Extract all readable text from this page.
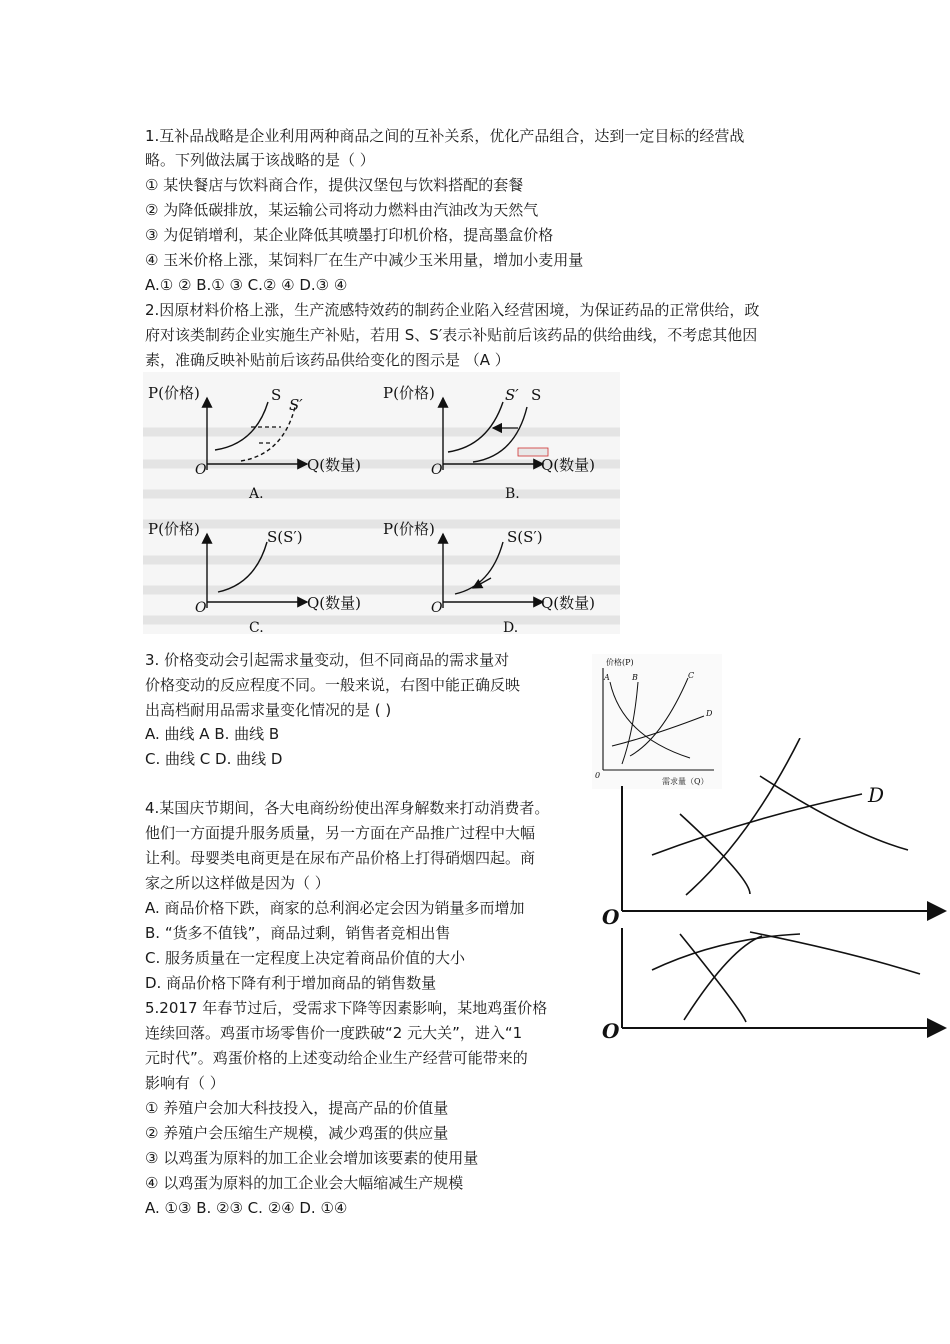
1.互补品战略是企业利用两种商品之间的互补关系，优化产品组合，达到一定目标的经营战
略。下列做法属于该战略的是（ ）
① 某快餐店与饮料商合作，提供汉堡包与饮料搭配的套餐
② 为降低碳排放，某运输公司将动力燃料由汽油改为天然气
③ 为促销增利，某企业降低其喷墨打印机价格，提高墨盒价格
④ 玉米价格上涨，某饲料厂在生产中减少玉米用量，增加小麦用量
A.① ② B.① ③ C.② ④ D.③ ④
2.因原材料价格上涨，生产流感特效药的制药企业陷入经营困境，为保证药品的正常供给，政
府对该类制药企业实施生产补贴，若用 S、S′表示补贴前后该药品的供给曲线，不考虑其他因
素，准确反映补贴前后该药品供给变化的图示是 （A ）
P(价格)
O	Q(数量)
S
S′
A.
P(价格)
O	Q(数量)
S′ S
B.
P(价格)
O	Q(数量)
S(S′)
C.
P(价格)
O	Q(数量)
S(S′)
D.
3. 价格变动会引起需求量变动，但不同商品的需求量对
价格变动的反应程度不同。一般来说，右图中能正确反映
出高档耐用品需求量变化情况的是 ( )
A. 曲线 A B. 曲线 B
C. 曲线 C D. 曲线 D
价格(P)
0
需求量（Q）
A	B	C
D
O
D
O
4.某国庆节期间，各大电商纷纷使出浑身解数来打动消费者。
他们一方面提升服务质量，另一方面在产品推广过程中大幅
让利。母婴类电商更是在尿布产品价格上打得硝烟四起。商
家之所以这样做是因为（ ）
A. 商品价格下跌，商家的总利润必定会因为销量多而增加
B. “货多不值钱”，商品过剩，销售者竞相出售
C. 服务质量在一定程度上决定着商品价值的大小
D. 商品价格下降有利于增加商品的销售数量
5.2017 年春节过后，受需求下降等因素影响，某地鸡蛋价格
连续回落。鸡蛋市场零售价一度跌破“2 元大关”，进入“1
元时代”。鸡蛋价格的上述变动给企业生产经营可能带来的
影响有（ ）
① 养殖户会加大科技投入，提高产品的价值量
② 养殖户会压缩生产规模，减少鸡蛋的供应量
③ 以鸡蛋为原料的加工企业会增加该要素的使用量
④ 以鸡蛋为原料的加工企业会大幅缩减生产规模
A. ①③ B. ②③ C. ②④ D. ①④
